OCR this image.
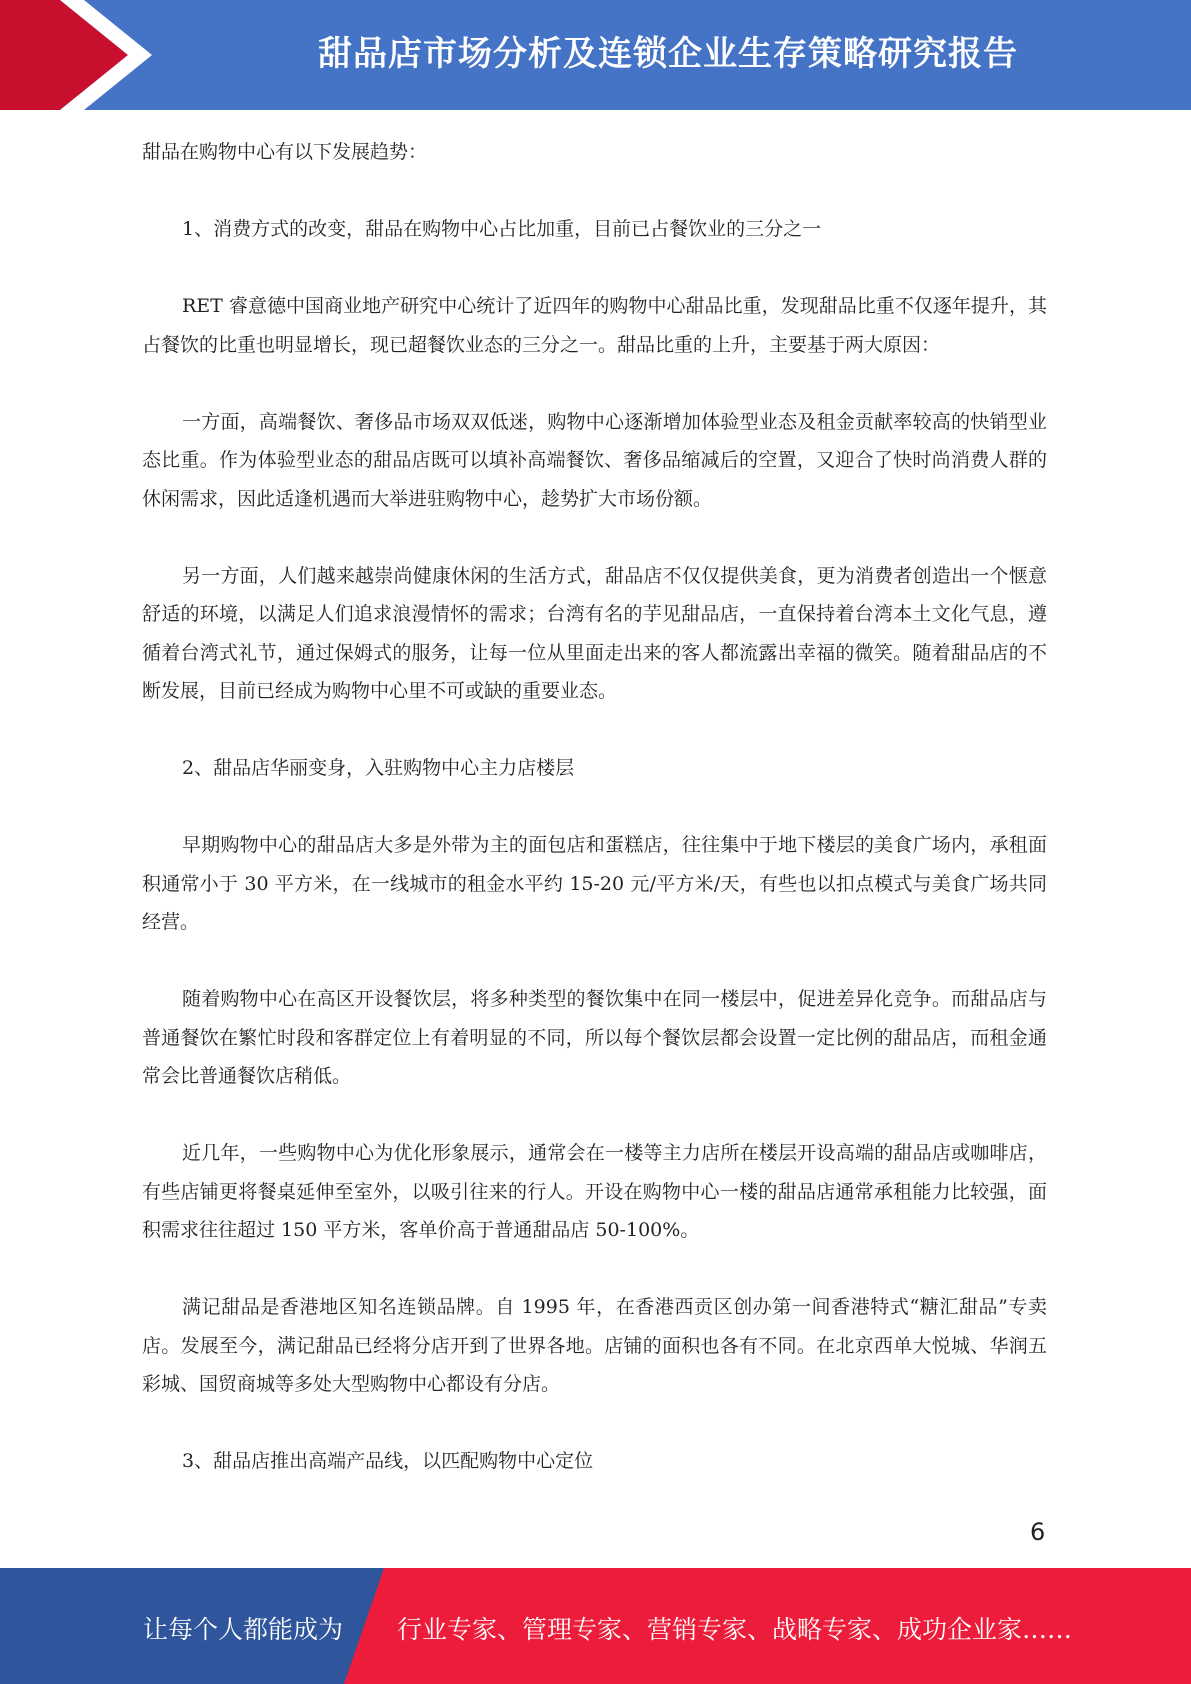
甜品店市场分析及连锁企业生存策略研究报告

甜品在购物中心有以下发展趋势：

1、消费方式的改变，甜品在购物中心占比加重，目前已占餐饮业的三分之一

RET 睿意德中国商业地产研究中心统计了近四年的购物中心甜品比重，发现甜品比重不仅逐年提升，其占餐饮的比重也明显增长，现已超餐饮业态的三分之一。甜品比重的上升，主要基于两大原因：

一方面，高端餐饮、奢侈品市场双双低迷，购物中心逐渐增加体验型业态及租金贡献率较高的快销型业态比重。作为体验型业态的甜品店既可以填补高端餐饮、奢侈品缩减后的空置，又迎合了快时尚消费人群的休闲需求，因此适逢机遇而大举进驻购物中心，趁势扩大市场份额。

另一方面，人们越来越崇尚健康休闲的生活方式，甜品店不仅仅提供美食，更为消费者创造出一个惬意舒适的环境，以满足人们追求浪漫情怀的需求；台湾有名的芋见甜品店，一直保持着台湾本土文化气息，遵循着台湾式礼节，通过保姆式的服务，让每一位从里面走出来的客人都流露出幸福的微笑。随着甜品店的不断发展，目前已经成为购物中心里不可或缺的重要业态。

2、甜品店华丽变身，入驻购物中心主力店楼层

早期购物中心的甜品店大多是外带为主的面包店和蛋糕店，往往集中于地下楼层的美食广场内，承租面积通常小于 30 平方米，在一线城市的租金水平约 15-20 元/平方米/天，有些也以扣点模式与美食广场共同经营。

随着购物中心在高区开设餐饮层，将多种类型的餐饮集中在同一楼层中，促进差异化竞争。而甜品店与普通餐饮在繁忙时段和客群定位上有着明显的不同，所以每个餐饮层都会设置一定比例的甜品店，而租金通常会比普通餐饮店稍低。

近几年，一些购物中心为优化形象展示，通常会在一楼等主力店所在楼层开设高端的甜品店或咖啡店，有些店铺更将餐桌延伸至室外，以吸引往来的行人。开设在购物中心一楼的甜品店通常承租能力比较强，面积需求往往超过 150 平方米，客单价高于普通甜品店 50-100%。

满记甜品是香港地区知名连锁品牌。自 1995 年，在香港西贡区创办第一间香港特式“糖汇甜品”专卖店。发展至今，满记甜品已经将分店开到了世界各地。店铺的面积也各有不同。在北京西单大悦城、华润五彩城、国贸商城等多处大型购物中心都设有分店。

3、甜品店推出高端产品线，以匹配购物中心定位

6
让每个人都能成为 行业专家、管理专家、营销专家、战略专家、成功企业家……
